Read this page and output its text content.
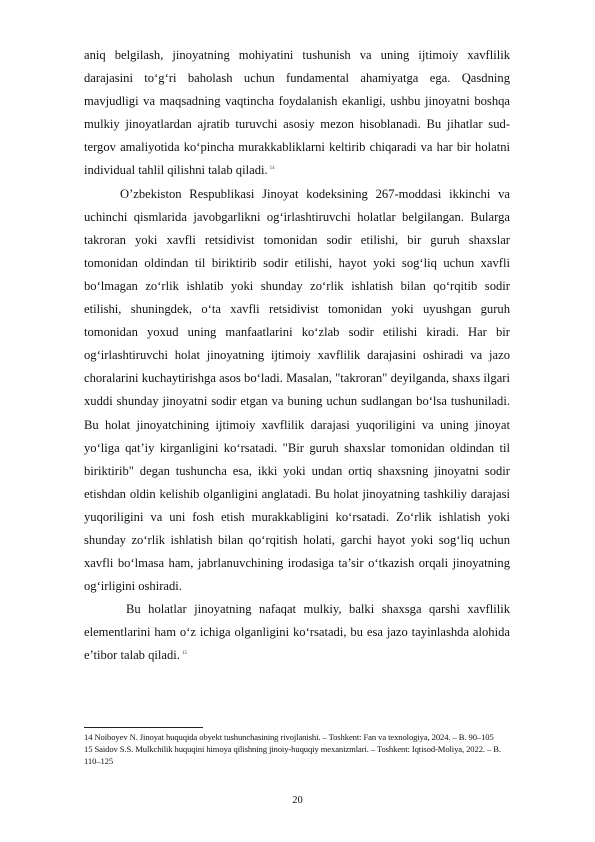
aniq belgilash, jinoyatning mohiyatini tushunish va uning ijtimoiy xavflilik darajasini to‘g‘ri baholash uchun fundamental ahamiyatga ega. Qasdning mavjudligi va maqsadning vaqtincha foydalanish ekanligi, ushbu jinoyatni boshqa mulkiy jinoyatlardan ajratib turuvchi asosiy mezon hisoblanadi. Bu jihatlar sud-tergov amaliyotida ko‘pincha murakkabliklarni keltirib chiqaradi va har bir holatni individual tahlil qilishni talab qiladi. $^{14}$

O’zbekiston Respublikasi Jinoyat kodeksining 267-moddasi ikkinchi va uchinchi qismlarida javobgarlikni og‘irlashtiruvchi holatlar belgilangan. Bularga takroran yoki xavfli retsidivist tomonidan sodir etilishi, bir guruh shaxslar tomonidan oldindan til biriktirib sodir etilishi, hayot yoki sog‘liq uchun xavfli bo‘lmagan zo‘rlik ishlatib yoki shunday zo‘rlik ishlatish bilan qo‘rqitib sodir etilishi, shuningdek, o‘ta xavfli retsidivist tomonidan yoki uyushgan guruh tomonidan yoxud uning manfaatlarini ko‘zlab sodir etilishi kiradi. Har bir og‘irlashtiruvchi holat jinoyatning ijtimoiy xavflilik darajasini oshiradi va jazo choralarini kuchaytirishga asos bo‘ladi. Masalan, "takroran" deyilganda, shaxs ilgari xuddi shunday jinoyatni sodir etgan va buning uchun sudlangan bo‘lsa tushuniladi. Bu holat jinoyatchining ijtimoiy xavflilik darajasi yuqoriligini va uning jinoyat yo‘liga qat’iy kirganligini ko‘rsatadi. "Bir guruh shaxslar tomonidan oldindan til biriktirib" degan tushuncha esa, ikki yoki undan ortiq shaxsning jinoyatni sodir etishdan oldin kelishib olganligini anglatadi. Bu holat jinoyatning tashkiliy darajasi yuqoriligini va uni fosh etish murakkabligini ko‘rsatadi. Zo‘rlik ishlatish yoki shunday zo‘rlik ishlatish bilan qo‘rqitish holati, garchi hayot yoki sog‘liq uchun xavfli bo‘lmasa ham, jabrlanuvchining irodasiga ta’sir o‘tkazish orqali jinoyatning og‘irligini oshiradi.

Bu holatlar jinoyatning nafaqat mulkiy, balki shaxsga qarshi xavflilik elementlarini ham o‘z ichiga olganligini ko‘rsatadi, bu esa jazo tayinlashda alohida e’tibor talab qiladi. $^{15}$

14 Noiboyev N. Jinoyat huquqida obyekt tushunchasining rivojlanishi. – Toshkent: Fan va texnologiya, 2024. – B. 90–105

15 Saidov S.S. Mulkchilik huquqini himoya qilishning jinoiy-huquqiy mexanizmlari. – Toshkent: Iqtisod-Moliya, 2022. – B. 110–125

20
